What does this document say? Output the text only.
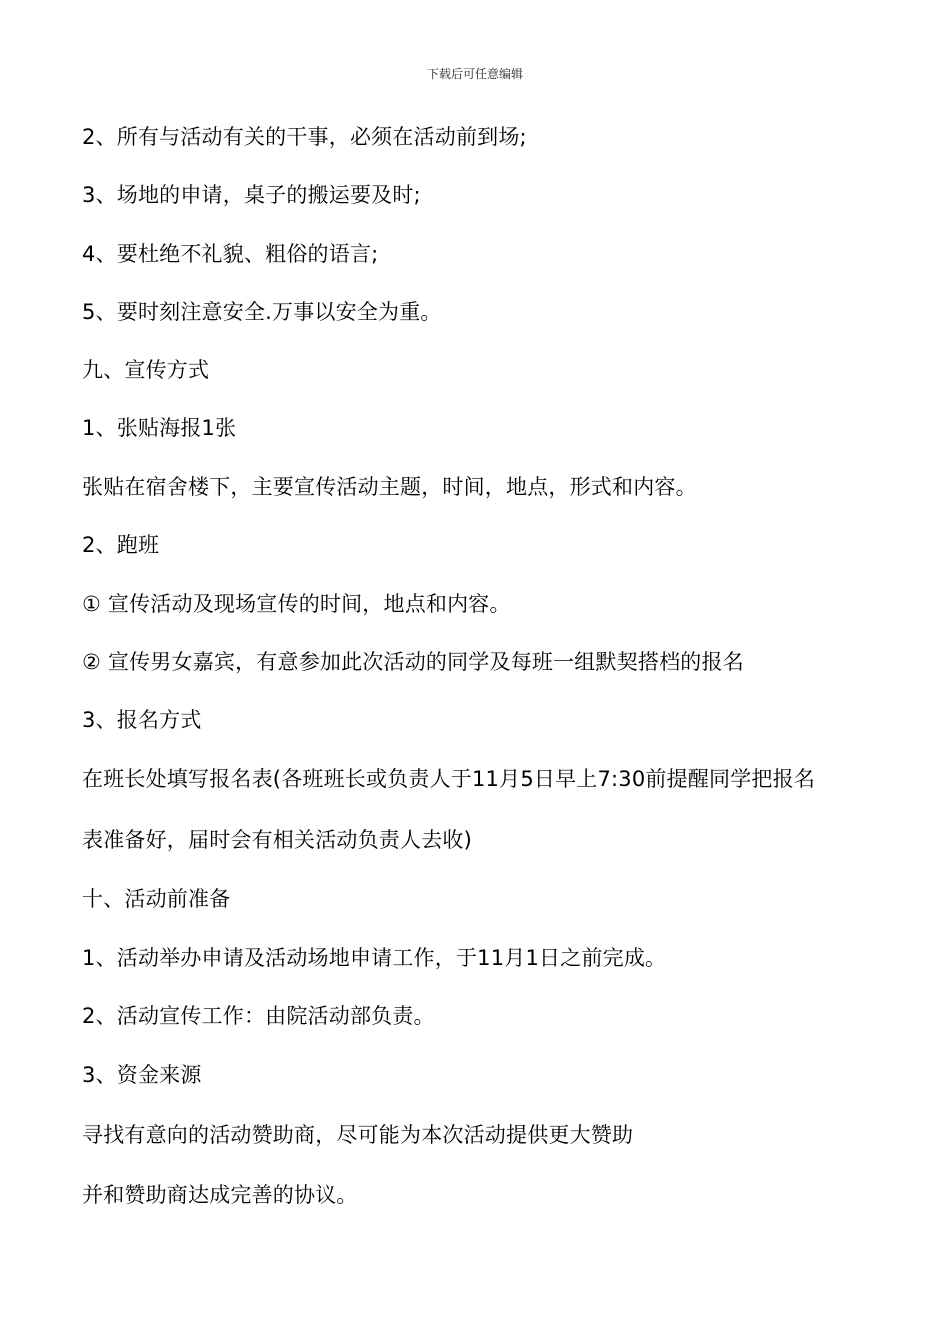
下载后可任意编辑
2、所有与活动有关的干事，必须在活动前到场;
3、场地的申请，桌子的搬运要及时;
4、要杜绝不礼貌、粗俗的语言;
5、要时刻注意安全.万事以安全为重。
九、宣传方式
1、张贴海报1张
张贴在宿舍楼下，主要宣传活动主题，时间，地点，形式和内容。
2、跑班
① 宣传活动及现场宣传的时间，地点和内容。
② 宣传男女嘉宾，有意参加此次活动的同学及每班一组默契搭档的报名
3、报名方式
在班长处填写报名表(各班班长或负责人于11月5日早上7:30前提醒同学把报名
表准备好，届时会有相关活动负责人去收)
十、活动前准备
1、活动举办申请及活动场地申请工作，于11月1日之前完成。
2、活动宣传工作：由院活动部负责。
3、资金来源
寻找有意向的活动赞助商，尽可能为本次活动提供更大赞助
并和赞助商达成完善的协议。
